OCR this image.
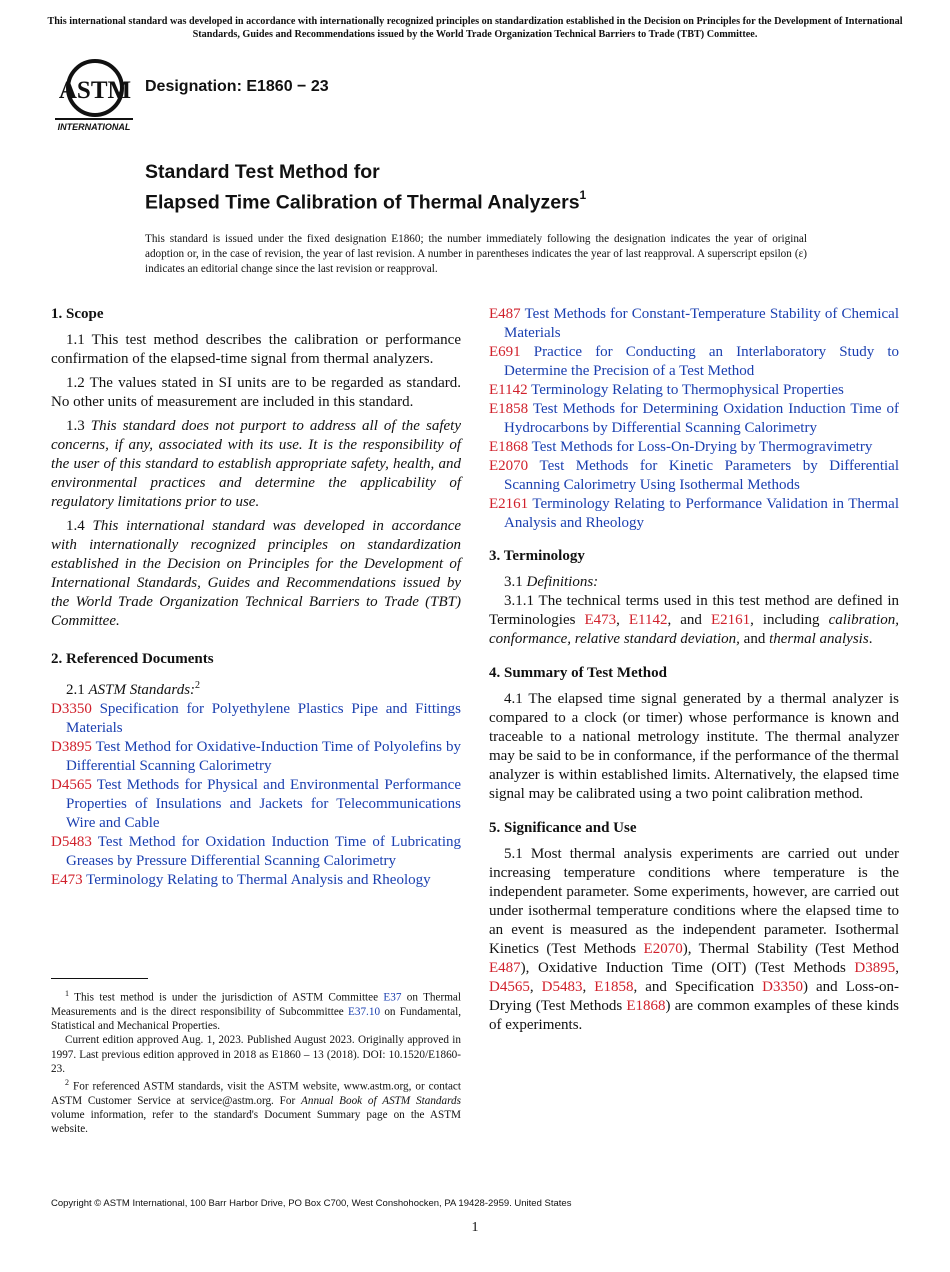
This international standard was developed in accordance with internationally recognized principles on standardization established in the Decision on Principles for the Development of International Standards, Guides and Recommendations issued by the World Trade Organization Technical Barriers to Trade (TBT) Committee.
ASTM
INTERNATIONAL
Designation: E1860 − 23
Standard Test Method for
Elapsed Time Calibration of Thermal Analyzers$^1$
This standard is issued under the fixed designation E1860; the number immediately following the designation indicates the year of original adoption or, in the case of revision, the year of last revision. A number in parentheses indicates the year of last reapproval. A superscript epsilon (ε) indicates an editorial change since the last revision or reapproval.

1. Scope

1.1 This test method describes the calibration or performance confirmation of the elapsed-time signal from thermal analyzers.

1.2 The values stated in SI units are to be regarded as standard. No other units of measurement are included in this standard.

1.3 This standard does not purport to address all of the safety concerns, if any, associated with its use. It is the responsibility of the user of this standard to establish appropriate safety, health, and environmental practices and determine the applicability of regulatory limitations prior to use.

1.4 This international standard was developed in accordance with internationally recognized principles on standardization established in the Decision on Principles for the Development of International Standards, Guides and Recommendations issued by the World Trade Organization Technical Barriers to Trade (TBT) Committee.

2. Referenced Documents

2.1 ASTM Standards:$^2$

D3350 Specification for Polyethylene Plastics Pipe and Fittings Materials

D3895 Test Method for Oxidative-Induction Time of Polyolefins by Differential Scanning Calorimetry

D4565 Test Methods for Physical and Environmental Performance Properties of Insulations and Jackets for Telecommunications Wire and Cable

D5483 Test Method for Oxidation Induction Time of Lubricating Greases by Pressure Differential Scanning Calorimetry

E473 Terminology Relating to Thermal Analysis and Rheology

$^1$ This test method is under the jurisdiction of ASTM Committee E37 on Thermal Measurements and is the direct responsibility of Subcommittee E37.10 on Fundamental, Statistical and Mechanical Properties.

Current edition approved Aug. 1, 2023. Published August 2023. Originally approved in 1997. Last previous edition approved in 2018 as E1860 – 13 (2018). DOI: 10.1520/E1860-23.

$^2$ For referenced ASTM standards, visit the ASTM website, www.astm.org, or contact ASTM Customer Service at service@astm.org. For Annual Book of ASTM Standards volume information, refer to the standard's Document Summary page on the ASTM website.

E487 Test Methods for Constant-Temperature Stability of Chemical Materials

E691 Practice for Conducting an Interlaboratory Study to Determine the Precision of a Test Method

E1142 Terminology Relating to Thermophysical Properties

E1858 Test Methods for Determining Oxidation Induction Time of Hydrocarbons by Differential Scanning Calorimetry

E1868 Test Methods for Loss-On-Drying by Thermogravimetry

E2070 Test Methods for Kinetic Parameters by Differential Scanning Calorimetry Using Isothermal Methods

E2161 Terminology Relating to Performance Validation in Thermal Analysis and Rheology

3. Terminology

3.1 Definitions:

3.1.1 The technical terms used in this test method are defined in Terminologies E473, E1142, and E2161, including calibration, conformance, relative standard deviation, and thermal analysis.

4. Summary of Test Method

4.1 The elapsed time signal generated by a thermal analyzer is compared to a clock (or timer) whose performance is known and traceable to a national metrology institute. The thermal analyzer may be said to be in conformance, if the performance of the thermal analyzer is within established limits. Alternatively, the elapsed time signal may be calibrated using a two point calibration method.

5. Significance and Use

5.1 Most thermal analysis experiments are carried out under increasing temperature conditions where temperature is the independent parameter. Some experiments, however, are carried out under isothermal temperature conditions where the elapsed time to an event is measured as the independent parameter. Isothermal Kinetics (Test Methods E2070), Thermal Stability (Test Method E487), Oxidative Induction Time (OIT) (Test Methods D3895, D4565, D5483, E1858, and Specification D3350) and Loss-on-Drying (Test Methods E1868) are common examples of these kinds of experiments.

Copyright © ASTM International, 100 Barr Harbor Drive, PO Box C700, West Conshohocken, PA 19428-2959. United States
1
